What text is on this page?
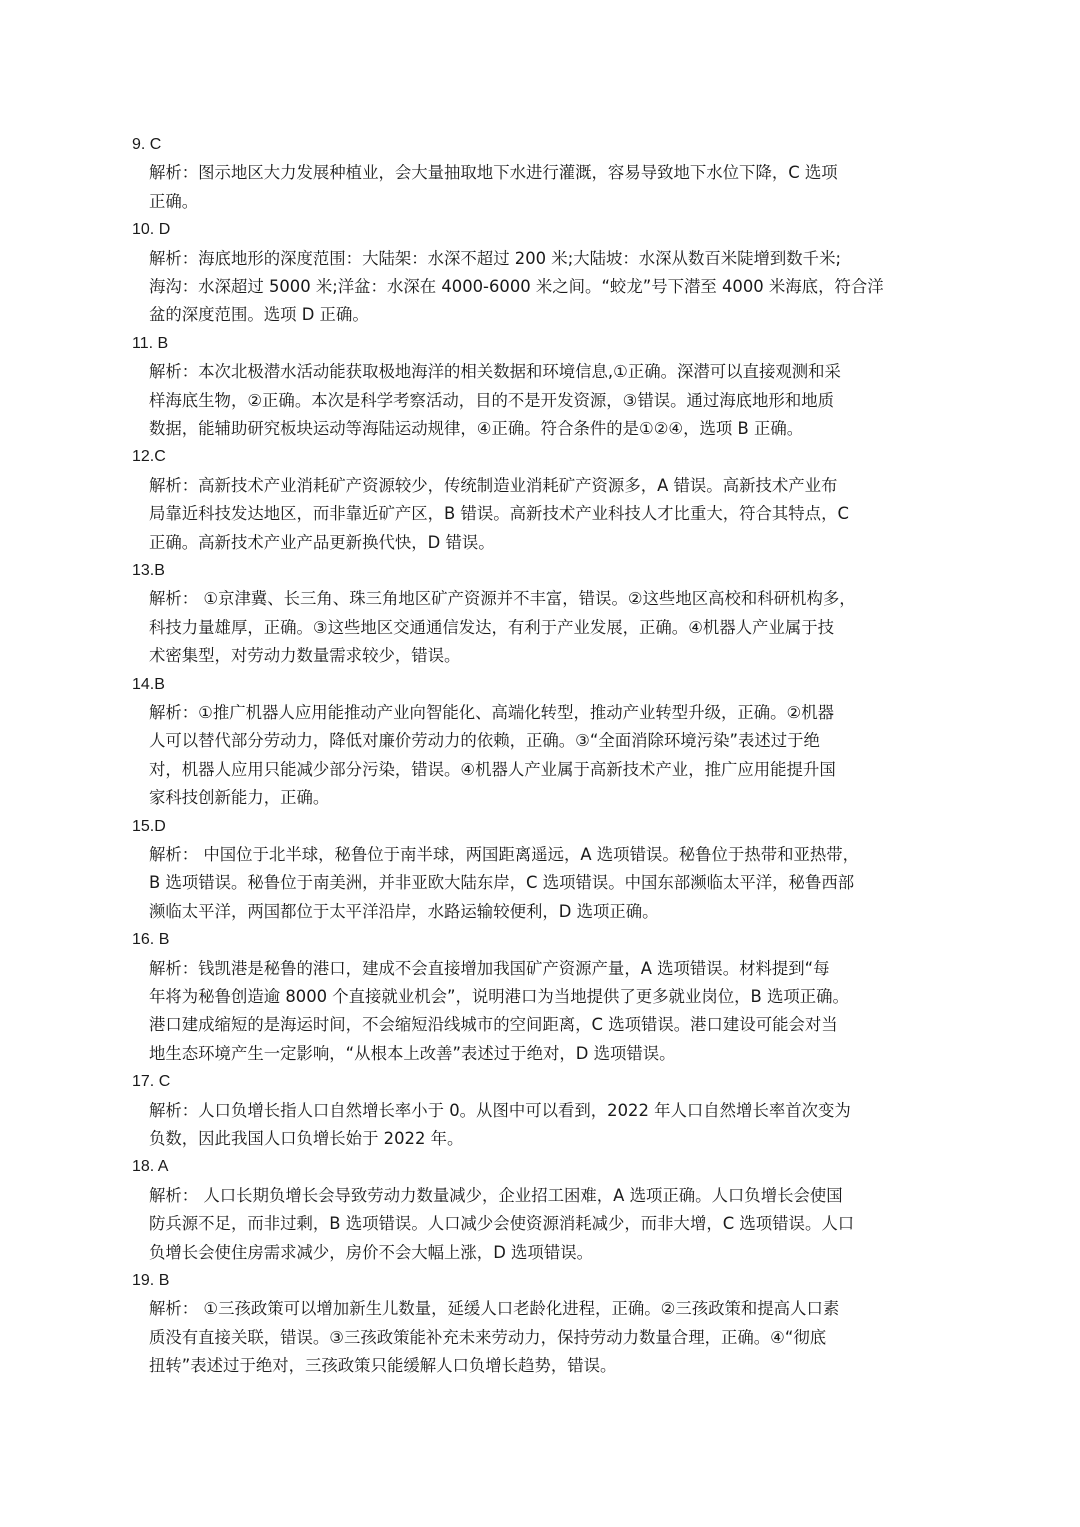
9. C
解析：图示地区大力发展种植业，会大量抽取地下水进行灌溉，容易导致地下水位下降，C 选项
正确。
10. D
解析：海底地形的深度范围：大陆架：水深不超过 200 米;大陆坡：水深从数百米陡增到数千米;
海沟：水深超过 5000 米;洋盆：水深在 4000-6000 米之间。“蛟龙”号下潜至 4000 米海底，符合洋
盆的深度范围。选项 D 正确。
11. B
解析：本次北极潜水活动能获取极地海洋的相关数据和环境信息,①正确。深潜可以直接观测和采
样海底生物，②正确。本次是科学考察活动，目的不是开发资源，③错误。通过海底地形和地质
数据，能辅助研究板块运动等海陆运动规律，④正确。符合条件的是①②④，选项 B 正确。
12.C
解析：高新技术产业消耗矿产资源较少，传统制造业消耗矿产资源多，A 错误。高新技术产业布
局靠近科技发达地区，而非靠近矿产区，B 错误。高新技术产业科技人才比重大，符合其特点，C
正确。高新技术产业产品更新换代快，D 错误。
13.B
解析： ①京津冀、长三角、珠三角地区矿产资源并不丰富，错误。②这些地区高校和科研机构多，
科技力量雄厚，正确。③这些地区交通通信发达，有利于产业发展，正确。④机器人产业属于技
术密集型，对劳动力数量需求较少，错误。
14.B
解析：①推广机器人应用能推动产业向智能化、高端化转型，推动产业转型升级，正确。②机器
人可以替代部分劳动力，降低对廉价劳动力的依赖，正确。③“全面消除环境污染”表述过于绝
对，机器人应用只能减少部分污染，错误。④机器人产业属于高新技术产业，推广应用能提升国
家科技创新能力，正确。
15.D
解析： 中国位于北半球，秘鲁位于南半球，两国距离遥远，A 选项错误。秘鲁位于热带和亚热带，
B 选项错误。秘鲁位于南美洲，并非亚欧大陆东岸，C 选项错误。中国东部濒临太平洋，秘鲁西部
濒临太平洋，两国都位于太平洋沿岸，水路运输较便利，D 选项正确。
16. B
解析：钱凯港是秘鲁的港口，建成不会直接增加我国矿产资源产量，A 选项错误。材料提到“每
年将为秘鲁创造逾 8000 个直接就业机会”，说明港口为当地提供了更多就业岗位，B 选项正确。
港口建成缩短的是海运时间，不会缩短沿线城市的空间距离，C 选项错误。港口建设可能会对当
地生态环境产生一定影响，“从根本上改善”表述过于绝对，D 选项错误。
17. C
解析：人口负增长指人口自然增长率小于 0。从图中可以看到，2022 年人口自然增长率首次变为
负数，因此我国人口负增长始于 2022 年。
18. A
解析： 人口长期负增长会导致劳动力数量减少，企业招工困难，A 选项正确。人口负增长会使国
防兵源不足，而非过剩，B 选项错误。人口减少会使资源消耗减少，而非大增，C 选项错误。人口
负增长会使住房需求减少，房价不会大幅上涨，D 选项错误。
19. B
解析： ①三孩政策可以增加新生儿数量，延缓人口老龄化进程，正确。②三孩政策和提高人口素
质没有直接关联，错误。③三孩政策能补充未来劳动力，保持劳动力数量合理，正确。④“彻底
扭转”表述过于绝对，三孩政策只能缓解人口负增长趋势，错误。
